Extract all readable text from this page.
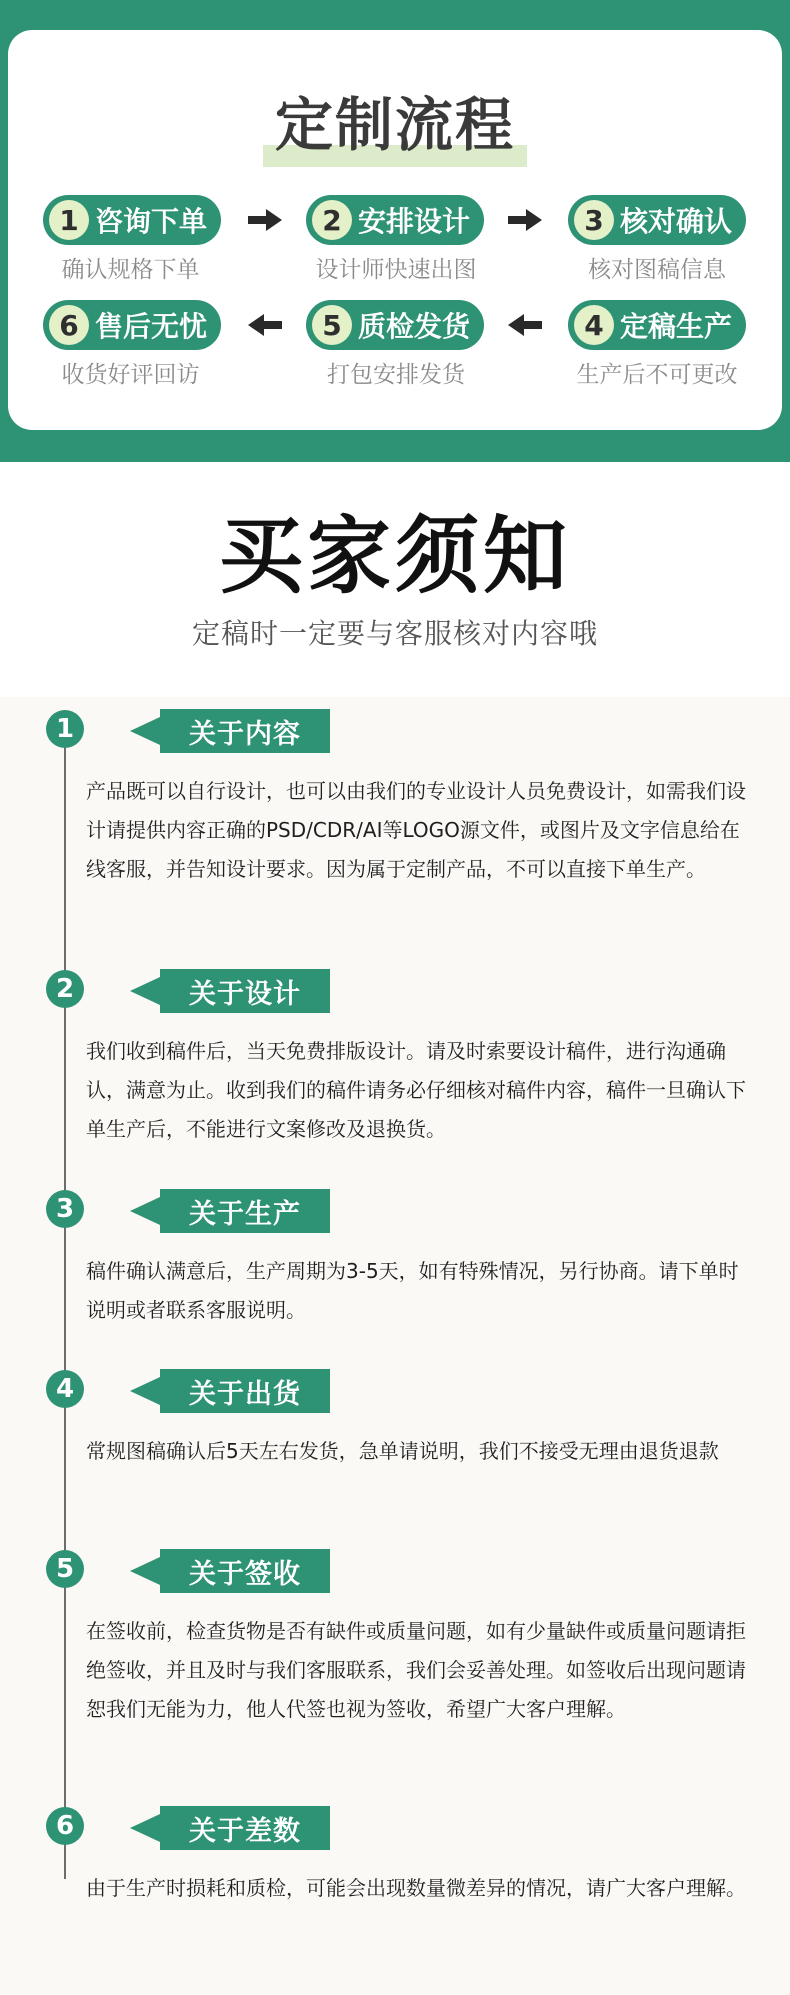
定制流程
1 咨询下单
确认规格下单
2 安排设计
设计师快速出图
3 核对确认
核对图稿信息
6 售后无忧
收货好评回访
5 质检发货
打包安排发货
4 定稿生产
生产后不可更改
买家须知
定稿时一定要与客服核对内容哦
1	关于内容
产品既可以自行设计，也可以由我们的专业设计人员免费设计，如需我们设计请提供内容正确的PSD/CDR/AI等LOGO源文件，或图片及文字信息给在线客服，并告知设计要求。因为属于定制产品，不可以直接下单生产。
2	关于设计
我们收到稿件后，当天免费排版设计。请及时索要设计稿件，进行沟通确认，满意为止。收到我们的稿件请务必仔细核对稿件内容，稿件一旦确认下单生产后，不能进行文案修改及退换货。
3	关于生产
稿件确认满意后，生产周期为3-5天，如有特殊情况，另行协商。请下单时说明或者联系客服说明。
4	关于出货
常规图稿确认后5天左右发货，急单请说明，我们不接受无理由退货退款
5	关于签收
在签收前，检查货物是否有缺件或质量问题，如有少量缺件或质量问题请拒绝签收，并且及时与我们客服联系，我们会妥善处理。如签收后出现问题请恕我们无能为力，他人代签也视为签收，希望广大客户理解。
6	关于差数
由于生产时损耗和质检，可能会出现数量微差异的情况，请广大客户理解。
